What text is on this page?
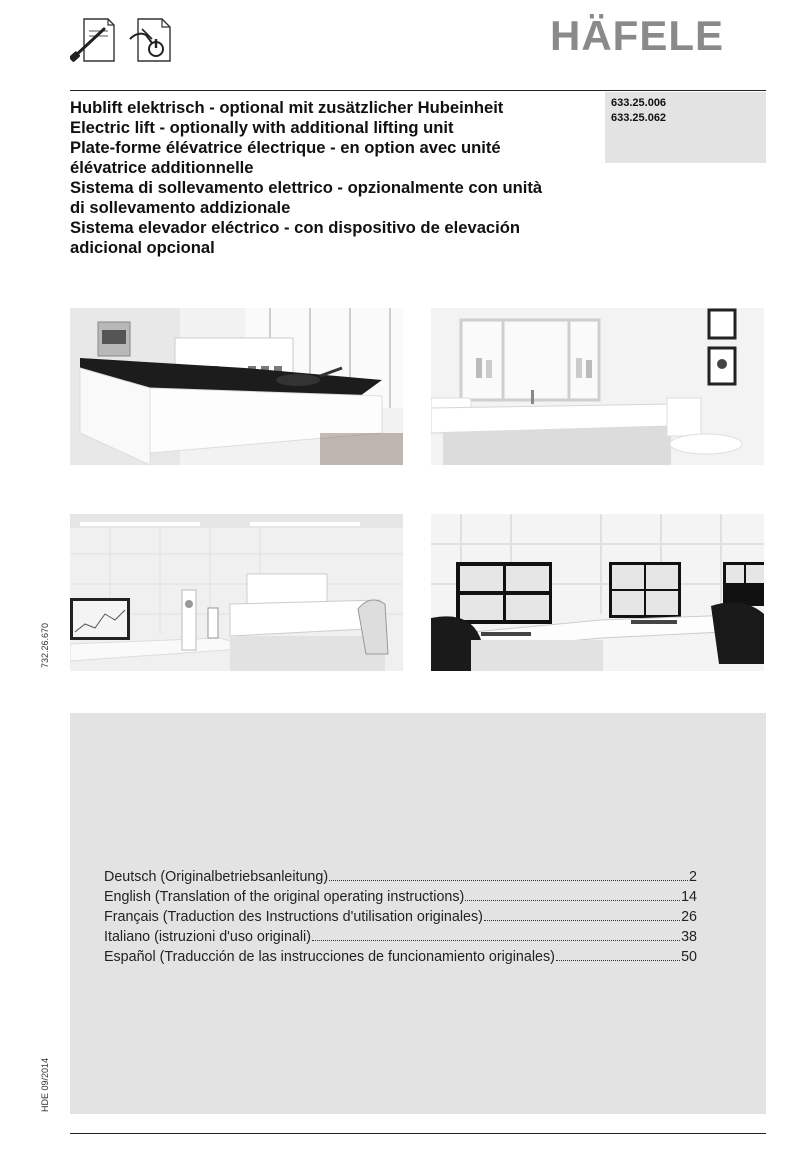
HÄFELE
Hublift elektrisch - optional mit zusätzlicher Hubeinheit
Electric lift - optionally with additional lifting unit
Plate-forme élévatrice électrique - en option avec unité
élévatrice additionnelle
Sistema di sollevamento elettrico - opzionalmente con unità
di sollevamento addizionale
Sistema elevador eléctrico - con dispositivo de elevación
adicional opcional
633.25.006
633.25.062
732.26.670
HDE 09/2014
Deutsch (Originalbetriebsanleitung)	2
English (Translation of the original operating instructions)	14
Français (Traduction des Instructions d'utilisation originales)	26
Italiano (istruzioni d'uso originali)	38
Español (Traducción de las instrucciones de funcionamiento originales)	50
